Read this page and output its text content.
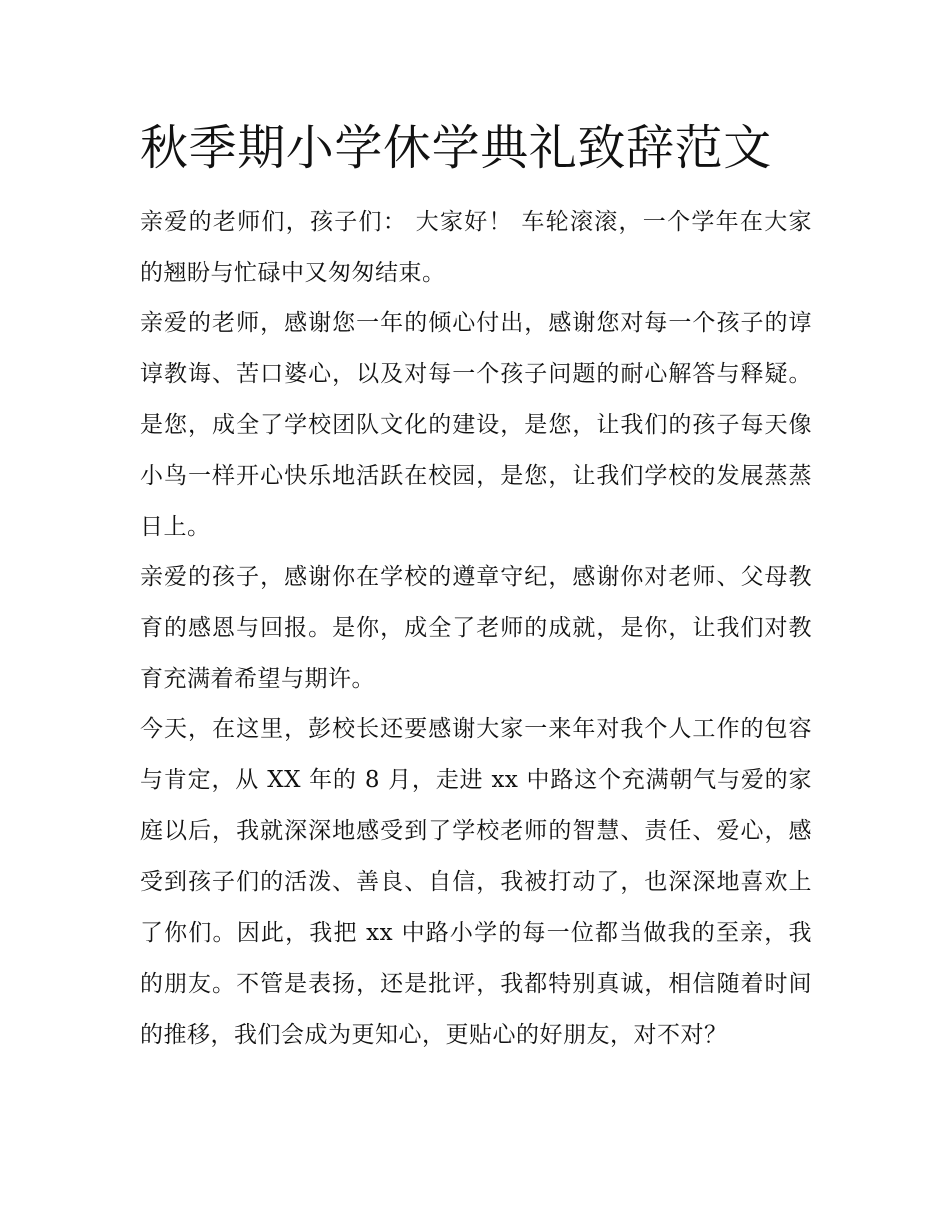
秋季期小学休学典礼致辞范文

亲爱的老师们，孩子们： 大家好！ 车轮滚滚，一个学年在大家的翘盼与忙碌中又匆匆结束。

亲爱的老师，感谢您一年的倾心付出，感谢您对每一个孩子的谆谆教诲、苦口婆心，以及对每一个孩子问题的耐心解答与释疑。是您，成全了学校团队文化的建设，是您，让我们的孩子每天像小鸟一样开心快乐地活跃在校园，是您，让我们学校的发展蒸蒸日上。

亲爱的孩子，感谢你在学校的遵章守纪，感谢你对老师、父母教育的感恩与回报。是你，成全了老师的成就，是你，让我们对教育充满着希望与期许。

今天，在这里，彭校长还要感谢大家一来年对我个人工作的包容与肯定，从 XX 年的 8 月，走进 xx 中路这个充满朝气与爱的家庭以后，我就深深地感受到了学校老师的智慧、责任、爱心，感受到孩子们的活泼、善良、自信，我被打动了，也深深地喜欢上了你们。因此，我把 xx 中路小学的每一位都当做我的至亲，我的朋友。不管是表扬，还是批评，我都特别真诚，相信随着时间的推移，我们会成为更知心，更贴心的好朋友，对不对？
